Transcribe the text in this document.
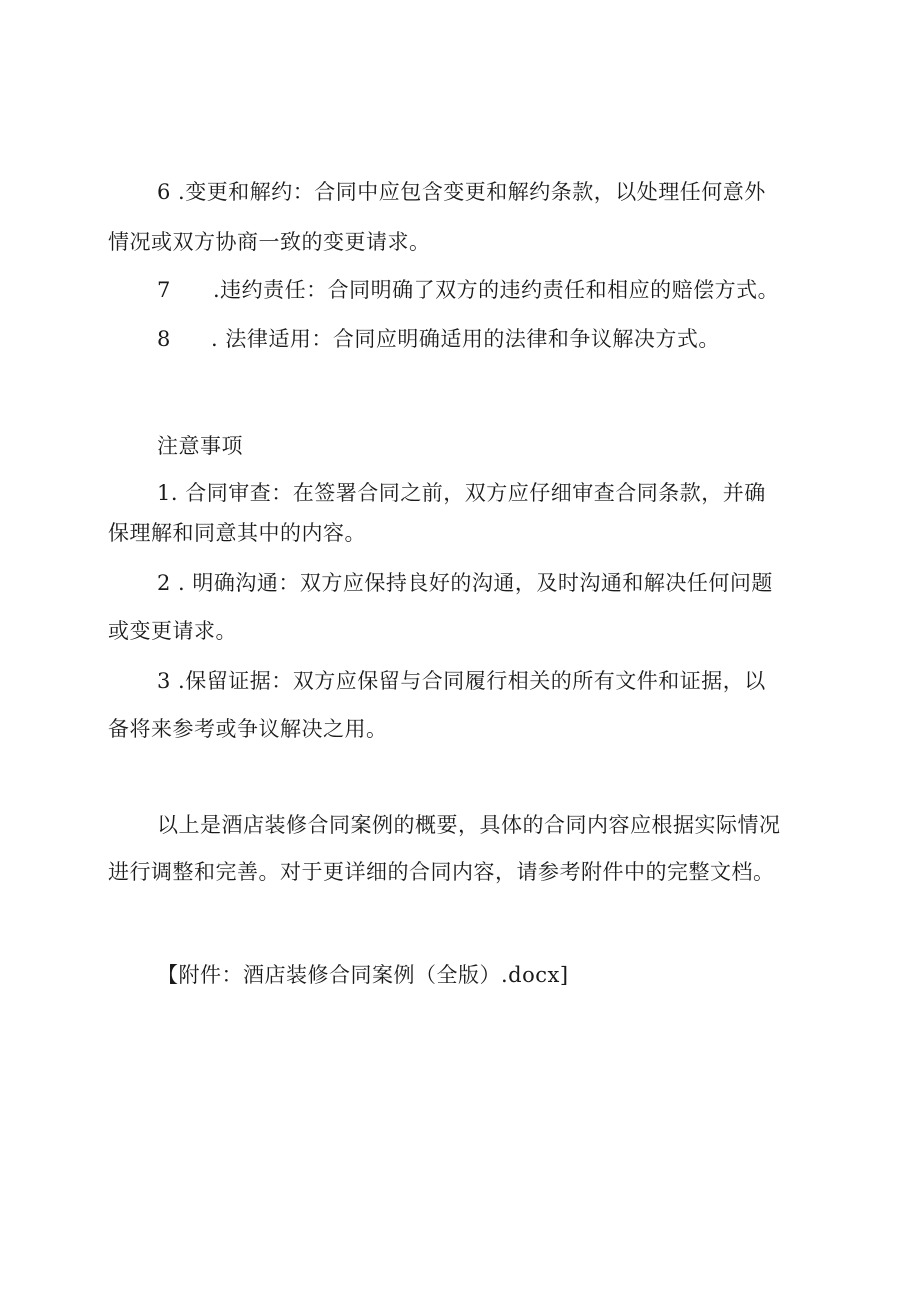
6 .变更和解约：合同中应包含变更和解约条款，以处理任何意外
情况或双方协商一致的变更请求。
7 .违约责任：合同明确了双方的违约责任和相应的赔偿方式。
8 . 法律适用：合同应明确适用的法律和争议解决方式。
注意事项
1. 合同审查：在签署合同之前，双方应仔细审查合同条款，并确
保理解和同意其中的内容。
2 . 明确沟通：双方应保持良好的沟通，及时沟通和解决任何问题
或变更请求。
3 .保留证据：双方应保留与合同履行相关的所有文件和证据，以
备将来参考或争议解决之用。
以上是酒店装修合同案例的概要，具体的合同内容应根据实际情况
进行调整和完善。对于更详细的合同内容，请参考附件中的完整文档。
【附件：酒店装修合同案例（全版）.docx]
